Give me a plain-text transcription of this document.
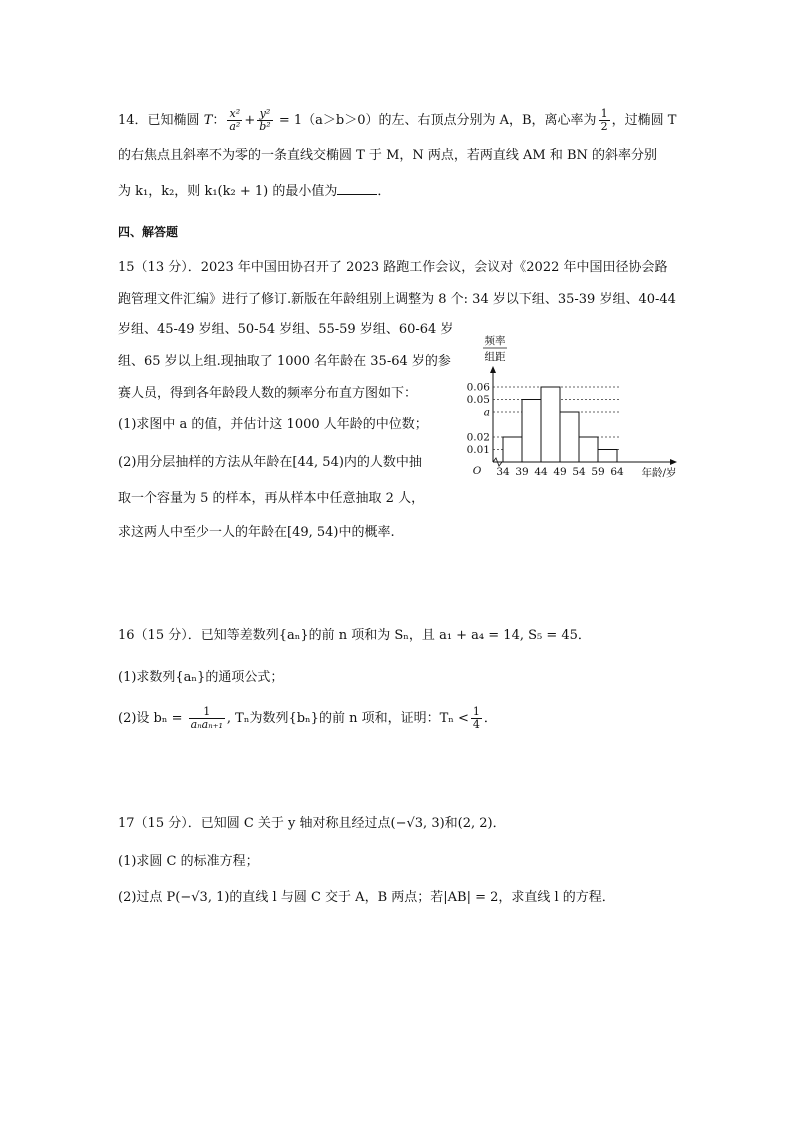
14．已知椭圆 T： $\frac{\text{x²}}{\text{a²}} + \frac{\text{y²}}{\text{b²}} = 1(a>b>0)$的左、右顶点分别为 A，B，离心率为 $\frac{1}{2}$ ，过椭圆 T
的右焦点且斜率不为零的一条直线交椭圆 T 于 M，N 两点，若两直线 AM 和 BN 的斜率分别
为 k₁，k₂，则 k₁(k₂ + 1) 的最小值为	．
四、解答题
15（13 分）．2023 年中国田协召开了 2023 路跑工作会议，会议对《2022 年中国田径协会路
跑管理文件汇编》进行了修订.新版在年龄组别上调整为 8 个: 34 岁以下组、35-39 岁组、40-44
岁组、45-49 岁组、50-54 岁组、55-59 岁组、60-64 岁
组、65 岁以上组.现抽取了 1000 名年龄在 35-64 岁的参
赛人员，得到各年龄段人数的频率分布直方图如下：
(1)求图中 a 的值，并估计这 1000 人年龄的中位数；
(2)用分层抽样的方法从年龄在[44, 54)内的人数中抽
取一个容量为 5 的样本，再从样本中任意抽取 2 人，
求这两人中至少一人的年龄在[49, 54)中的概率.
频率
组距
0.06
0.05
a
0.02
0.01
34 39 44 49 54 59 64
O	年龄/岁
16（15 分）．已知等差数列{aₙ}的前 n 项和为 Sₙ，且 a₁ + a₄ = 14, S₅ = 45．
(1)求数列{aₙ}的通项公式；
(2)设 $b_n = \frac{1}{\text{aₙaₙ₊₁}}$ , Tₙ为数列{bₙ}的前 n 项和，证明：$T_n < \frac{1}{4}$ ．
17（15 分）．已知圆 C 关于 y 轴对称且经过点(−√3, 3)和(2, 2)．
(1)求圆 C 的标准方程；
(2)过点 P(−√3, 1)的直线 l 与圆 C 交于 A，B 两点；若|AB| = 2，求直线 l 的方程．
